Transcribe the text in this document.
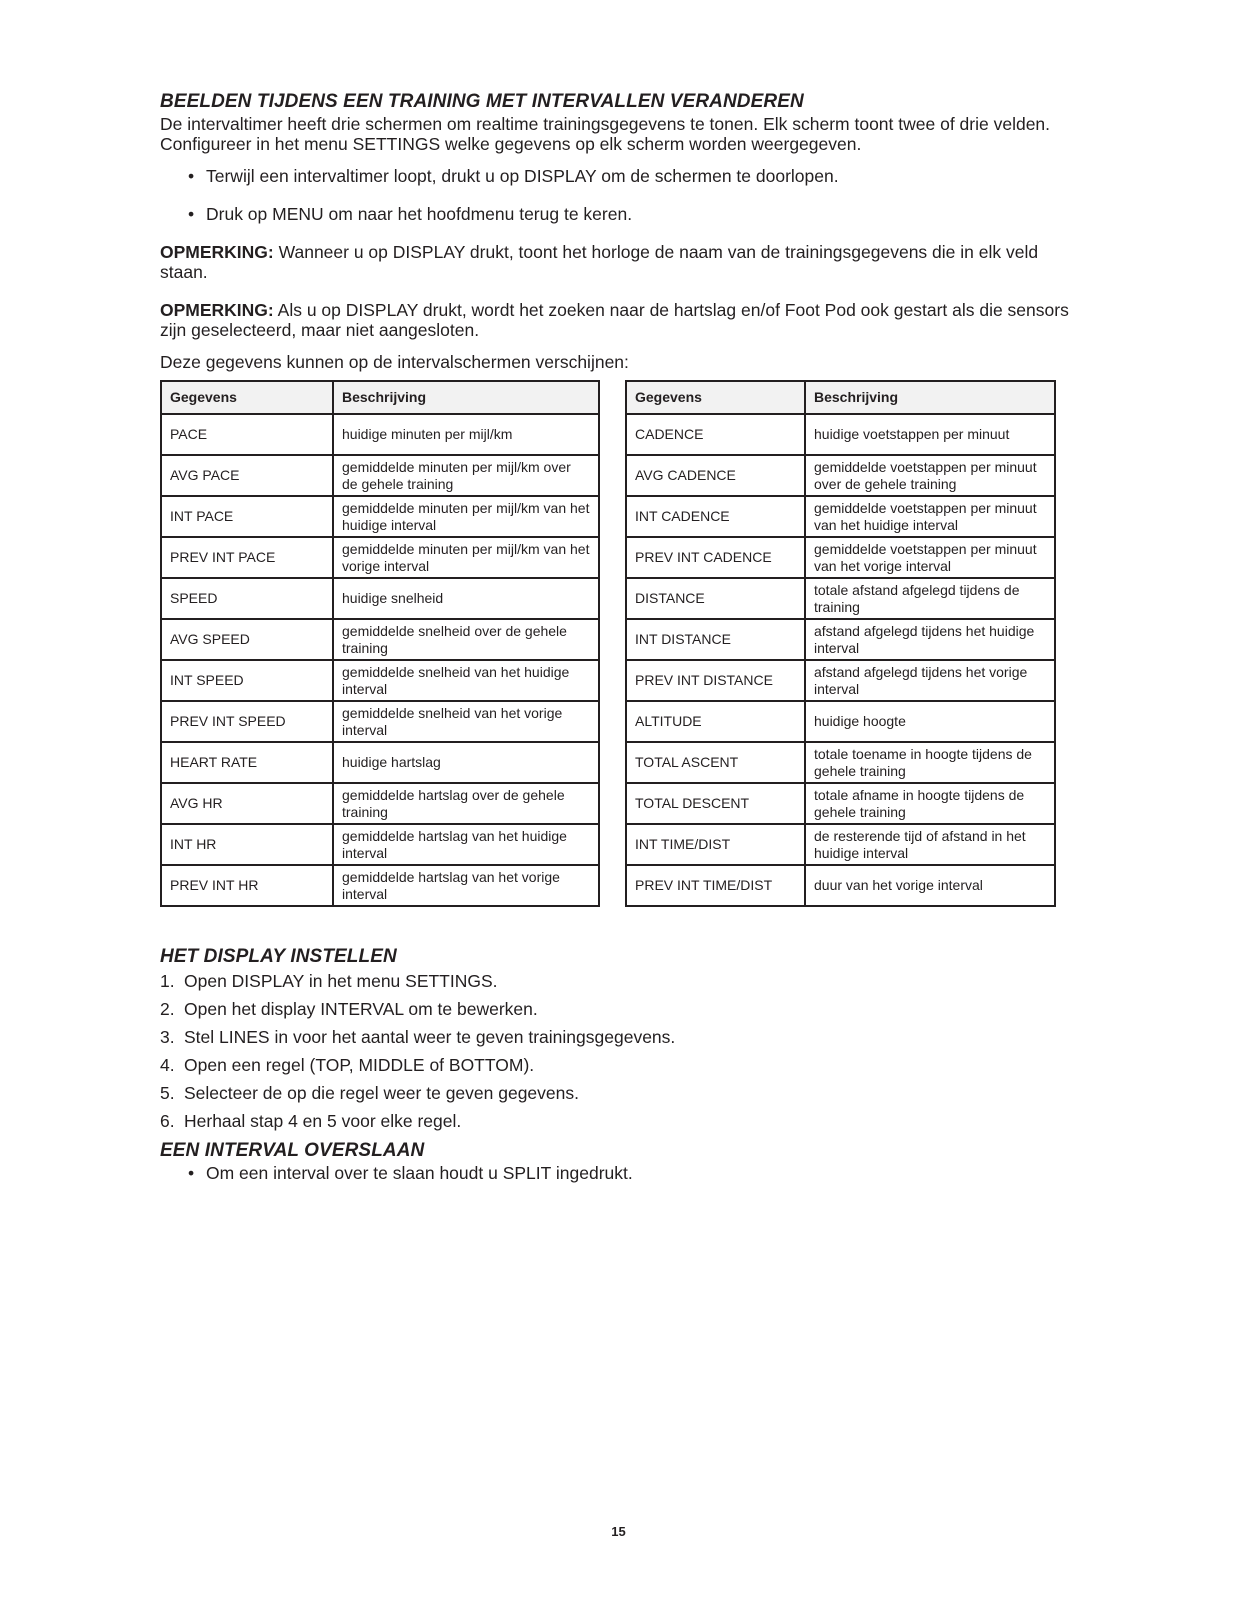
BEELDEN TIJDENS EEN TRAINING MET INTERVALLEN VERANDEREN

De intervaltimer heeft drie schermen om realtime trainingsgegevens te tonen. Elk scherm toont twee of drie velden. Configureer in het menu SETTINGS welke gegevens op elk scherm worden weergegeven.

• Terwijl een intervaltimer loopt, drukt u op DISPLAY om de schermen te doorlopen.
• Druk op MENU om naar het hoofdmenu terug te keren.

OPMERKING: Wanneer u op DISPLAY drukt, toont het horloge de naam van de trainingsgegevens die in elk veld staan.

OPMERKING: Als u op DISPLAY drukt, wordt het zoeken naar de hartslag en/of Foot Pod ook gestart als die sensors zijn geselecteerd, maar niet aangesloten.

Deze gegevens kunnen op de intervalschermen verschijnen:

Gegevens	Beschrijving
PACE	huidige minuten per mijl/km
AVG PACE	gemiddelde minuten per mijl/km over de gehele training
INT PACE	gemiddelde minuten per mijl/km van het huidige interval
PREV INT PACE	gemiddelde minuten per mijl/km van het vorige interval
SPEED	huidige snelheid
AVG SPEED	gemiddelde snelheid over de gehele training
INT SPEED	gemiddelde snelheid van het huidige interval
PREV INT SPEED	gemiddelde snelheid van het vorige interval
HEART RATE	huidige hartslag
AVG HR	gemiddelde hartslag over de gehele training
INT HR	gemiddelde hartslag van het huidige interval
PREV INT HR	gemiddelde hartslag van het vorige interval
Gegevens	Beschrijving
CADENCE	huidige voetstappen per minuut
AVG CADENCE	gemiddelde voetstappen per minuut over de gehele training
INT CADENCE	gemiddelde voetstappen per minuut van het huidige interval
PREV INT CADENCE	gemiddelde voetstappen per minuut van het vorige interval
DISTANCE	totale afstand afgelegd tijdens de training
INT DISTANCE	afstand afgelegd tijdens het huidige interval
PREV INT DISTANCE	afstand afgelegd tijdens het vorige interval
ALTITUDE	huidige hoogte
TOTAL ASCENT	totale toename in hoogte tijdens de gehele training
TOTAL DESCENT	totale afname in hoogte tijdens de gehele training
INT TIME/DIST	de resterende tijd of afstand in het huidige interval
PREV INT TIME/DIST	duur van het vorige interval
HET DISPLAY INSTELLEN
1. Open DISPLAY in het menu SETTINGS.
2. Open het display INTERVAL om te bewerken.
3. Stel LINES in voor het aantal weer te geven trainingsgegevens.
4. Open een regel (TOP, MIDDLE of BOTTOM).
5. Selecteer de op die regel weer te geven gegevens.
6. Herhaal stap 4 en 5 voor elke regel.
EEN INTERVAL OVERSLAAN
• Om een interval over te slaan houdt u SPLIT ingedrukt.
15
